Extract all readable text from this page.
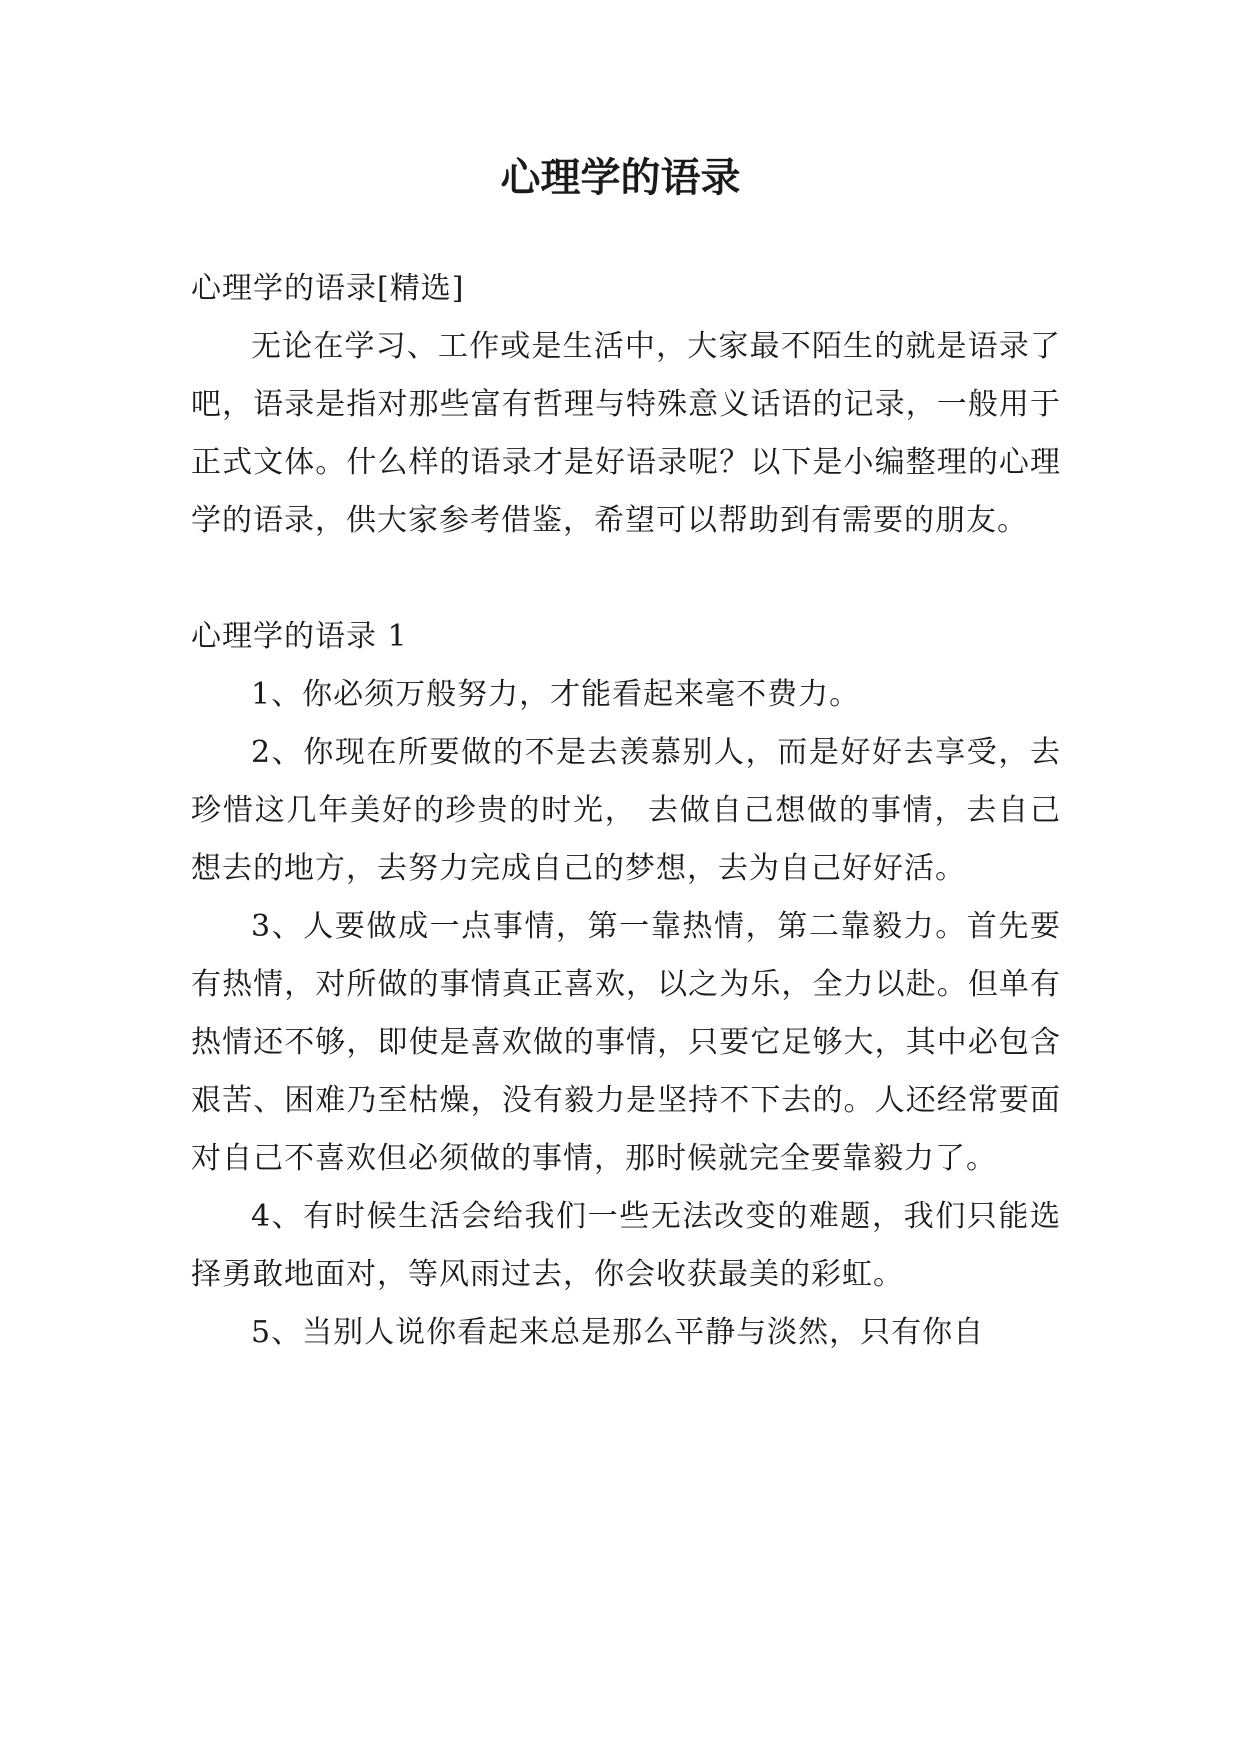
心理学的语录

心理学的语录[精选]

无论在学习、工作或是生活中，大家最不陌生的就是语录了吧，语录是指对那些富有哲理与特殊意义话语的记录，一般用于正式文体。什么样的语录才是好语录呢？以下是小编整理的心理学的语录，供大家参考借鉴，希望可以帮助到有需要的朋友。

心理学的语录 1

1、你必须万般努力，才能看起来毫不费力。

2、你现在所要做的不是去羡慕别人，而是好好去享受，去珍惜这几年美好的珍贵的时光， 去做自己想做的事情，去自己想去的地方，去努力完成自己的梦想，去为自己好好活。

3、人要做成一点事情，第一靠热情，第二靠毅力。首先要有热情，对所做的事情真正喜欢，以之为乐，全力以赴。但单有热情还不够，即使是喜欢做的事情，只要它足够大，其中必包含艰苦、困难乃至枯燥，没有毅力是坚持不下去的。人还经常要面对自己不喜欢但必须做的事情，那时候就完全要靠毅力了。

4、有时候生活会给我们一些无法改变的难题，我们只能选择勇敢地面对，等风雨过去，你会收获最美的彩虹。

5、当别人说你看起来总是那么平静与淡然，只有你自
